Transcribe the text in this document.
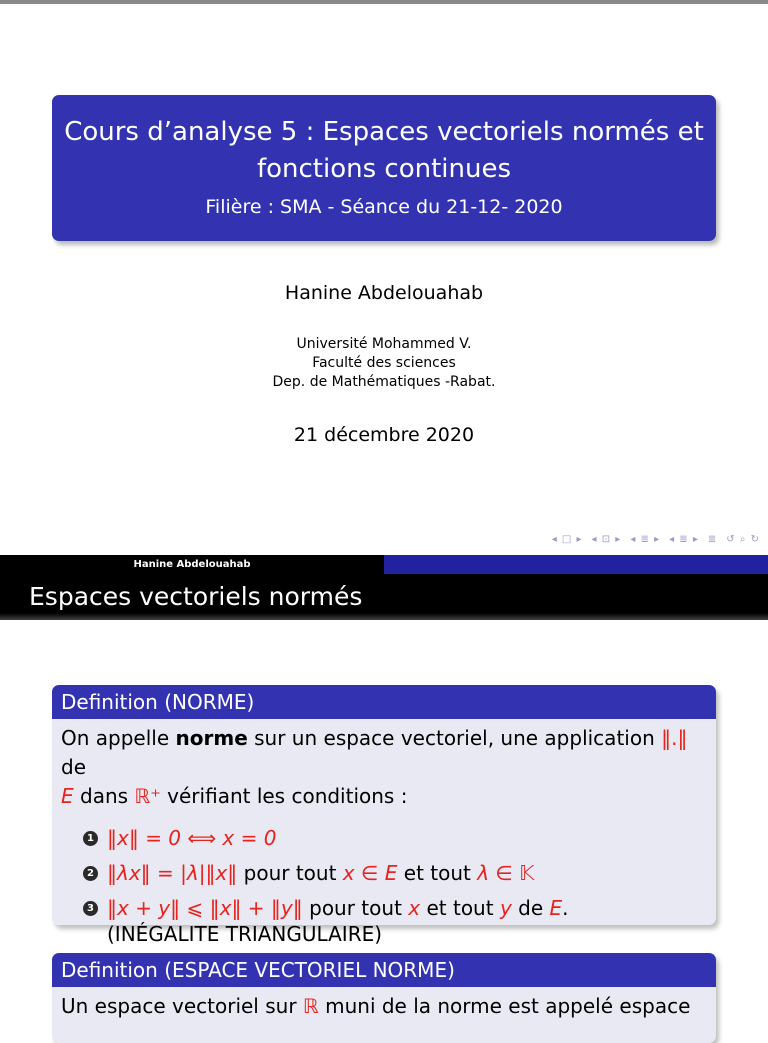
Cours d’analyse 5 : Espaces vectoriels normés et
fonctions continues
Filière : SMA - Séance du 21-12- 2020
Hanine Abdelouahab
Université Mohammed V.
Faculté des sciences
Dep. de Mathématiques -Rabat.
21 décembre 2020
◂ □ ▸ ◂ ⊡ ▸ ◂ ≣ ▸ ◂ ≣ ▸ ≣ ↺ ⌕ ↻
Hanine Abdelouahab
Espaces vectoriels normés
Definition (NORME)
On appelle norme sur un espace vectoriel, une application ‖.‖ de
E dans ℝ⁺ vérifiant les conditions :
1 ‖x‖ = 0 ⟺ x = 0
2 ‖λx‖ = |λ|‖x‖ pour tout x ∈ E et tout λ ∈ 𝕂
3 ‖x + y‖ ⩽ ‖x‖ + ‖y‖ pour tout x et tout y de E.
(INÉGALITE TRIANGULAIRE)
Definition (ESPACE VECTORIEL NORME)
Un espace vectoriel sur ℝ muni de la norme est appelé espace
